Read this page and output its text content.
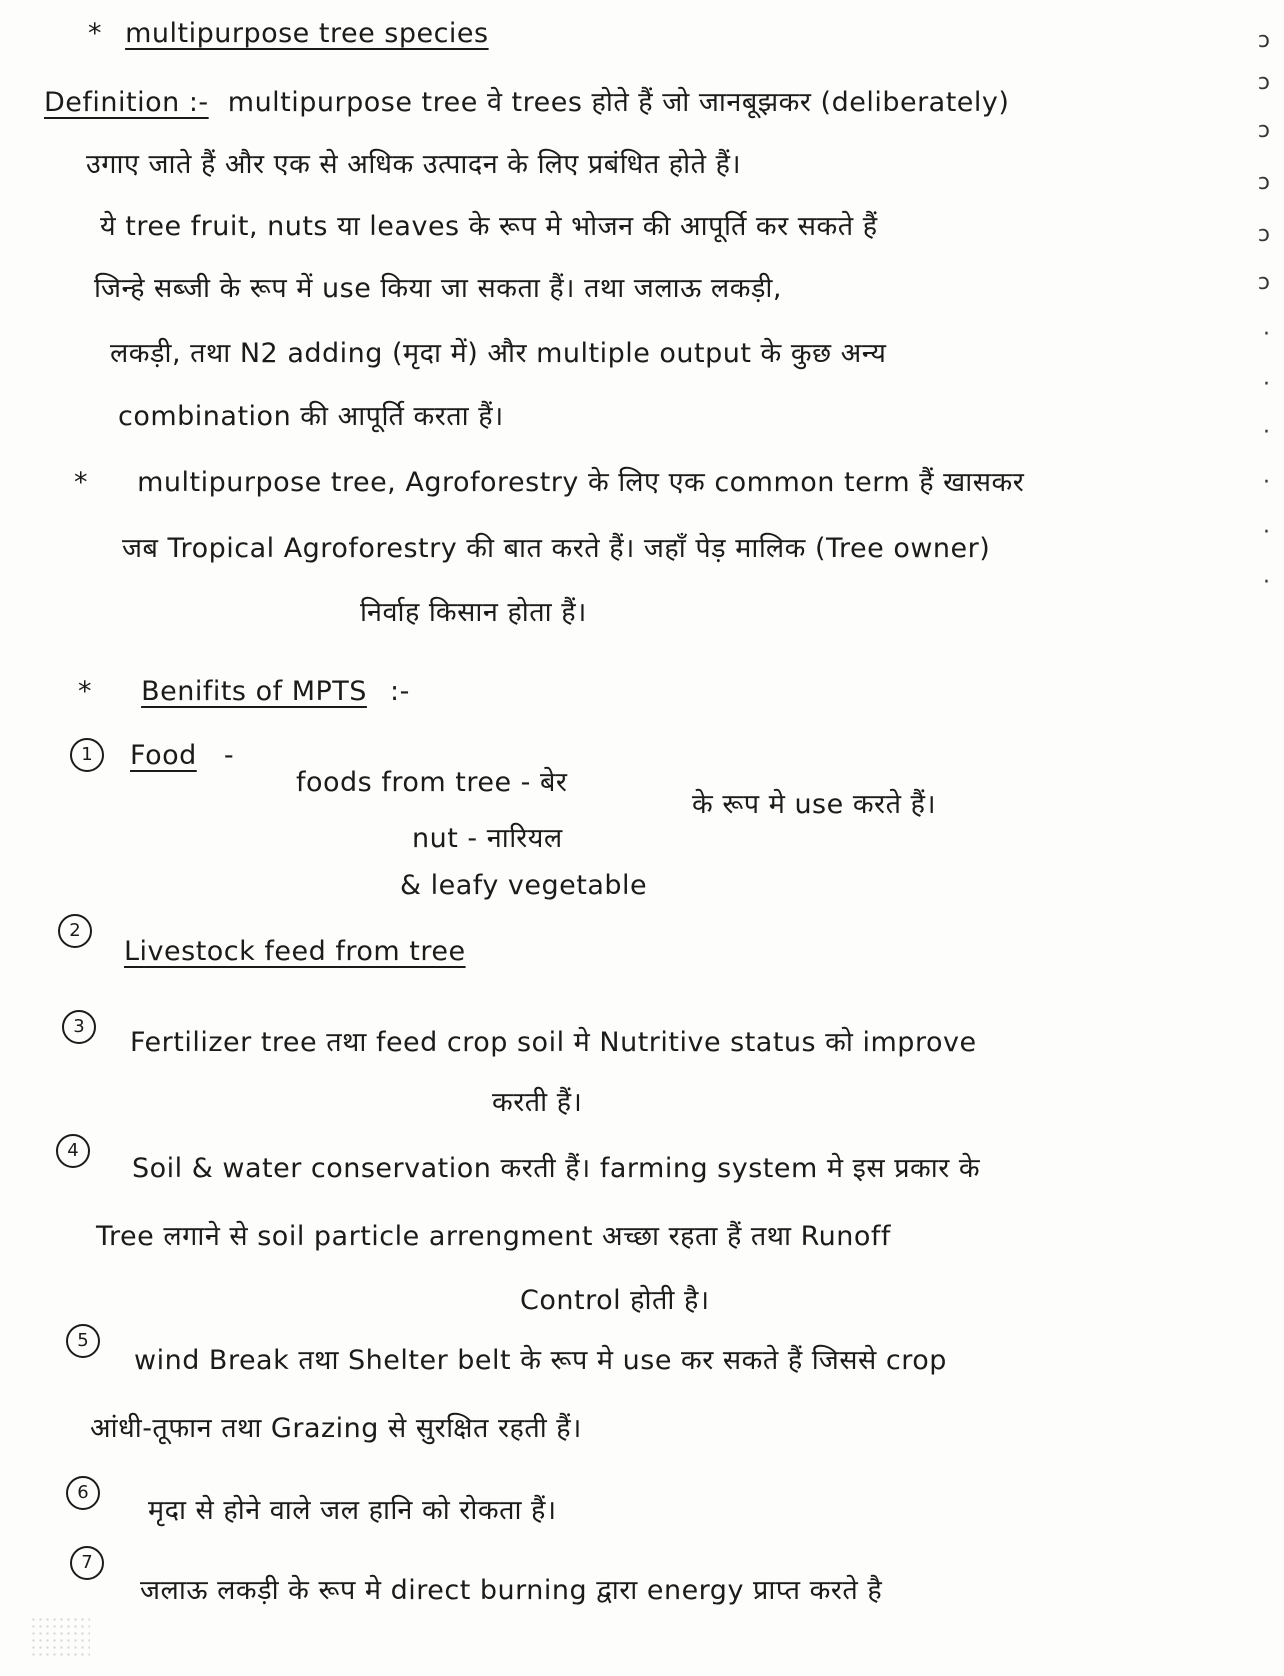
* multipurpose tree species
Definition :- multipurpose tree वे trees होते हैं जो जानबूझकर (deliberately)
उगाए जाते हैं और एक से अधिक उत्पादन के लिए प्रबंधित होते हैं।
ये tree fruit, nuts या leaves के रूप मे भोजन की आपूर्ति कर सकते हैं
जिन्हे सब्जी के रूप में use किया जा सकता हैं। तथा जलाऊ लकड़ी,
लकड़ी, तथा N2 adding (मृदा में) और multiple output के कुछ अन्य
combination की आपूर्ति करता हैं।
* multipurpose tree, Agroforestry के लिए एक common term हैं खासकर
जब Tropical Agroforestry की बात करते हैं। जहाँ पेड़ मालिक (Tree owner)
निर्वाह किसान होता हैं।
* Benifits of MPTS :-
1	Food -
foods from tree - बेर
के रूप मे use करते हैं।
nut - नारियल
& leafy vegetable
2
Livestock feed from tree
3
Fertilizer tree तथा feed crop soil मे Nutritive status को improve
करती हैं।
4
Soil & water conservation करती हैं। farming system मे इस प्रकार के
Tree लगाने से soil particle arrengment अच्छा रहता हैं तथा Runoff
Control होती है।
5
wind Break तथा Shelter belt के रूप मे use कर सकते हैं जिससे crop
आंधी-तूफान तथा Grazing से सुरक्षित रहती हैं।
6
मृदा से होने वाले जल हानि को रोकता हैं।
7
जलाऊ लकड़ी के रूप मे direct burning द्वारा energy प्राप्त करते है
ↄ
ↄ
ↄ
ↄ
ↄ
ↄ
·
·
·
·
·
·
